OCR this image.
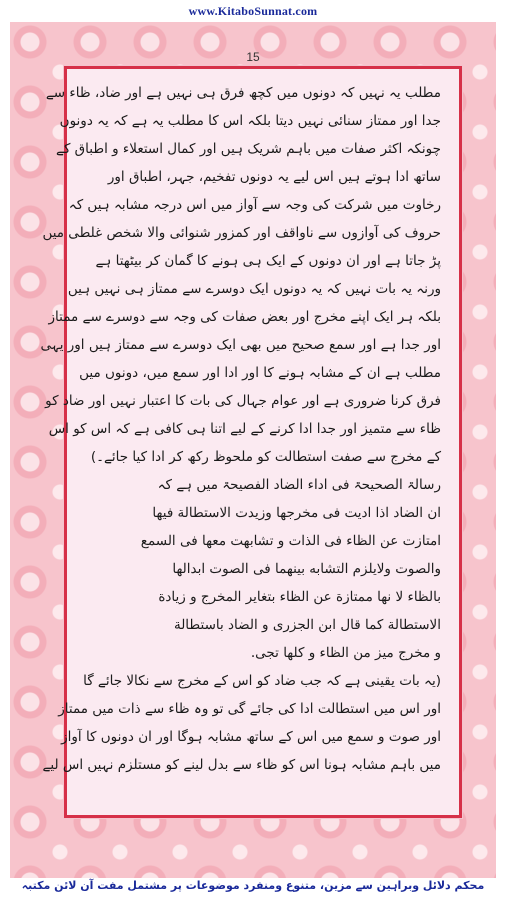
www.KitaboSunnat.com
15
مطلب یہ نہیں کہ دونوں میں کچھ فرق ہی نہیں ہے اور ضاد، ظاء سے
جدا اور ممتاز سنائی نہیں دیتا بلکہ اس کا مطلب یہ ہے کہ یہ دونوں
چونکہ اکثر صفات میں باہم شریک ہیں اور کمال استعلاء و اطباق کے
ساتھ ادا ہوتے ہیں اس لیے یہ دونوں تفخیم، جہر، اطباق اور
رخاوت میں شرکت کی وجہ سے آواز میں اس درجہ مشابہ ہیں کہ
حروف کی آوازوں سے ناواقف اور کمزور شنوائی والا شخص غلطی میں
پڑ جاتا ہے اور ان دونوں کے ایک ہی ہونے کا گمان کر بیٹھتا ہے
ورنہ یہ بات نہیں کہ یہ دونوں ایک دوسرے سے ممتاز ہی نہیں ہیں
بلکہ ہر ایک اپنے مخرج اور بعض صفات کی وجہ سے دوسرے سے ممتاز
اور جدا ہے اور سمع صحیح میں بھی ایک دوسرے سے ممتاز ہیں اور یہی
مطلب ہے ان کے مشابہ ہونے کا اور ادا اور سمع میں، دونوں میں
فرق کرنا ضروری ہے اور عوام جہال کی بات کا اعتبار نہیں اور ضاد کو
ظاء سے متمیز اور جدا ادا کرنے کے لیے اتنا ہی کافی ہے کہ اس کو اس
کے مخرج سے صفت استطالت کو ملحوظ رکھ کر ادا کیا جائے۔)
رسالۃ الصحیحۃ فی اداء الضاد الفصیحۃ میں ہے کہ
ان الضاد اذا اديت فی مخرجها وزيدت الاستطالة فيها
امتازت عن الظاء فی الذات و تشابهت معها فی السمع
والصوت ولايلزم التشابه بينهما فی الصوت ابدالها
بالظاء لا نها ممتازة عن الظاء بتغاير المخرج و زيادة
الاستطالة كما قال ابن الجزری و الضاد باستطالة
و مخرج ميز من الظاء و كلها تجی.
(یہ بات یقینی ہے کہ جب ضاد کو اس کے مخرج سے نکالا جائے گا
اور اس میں استطالت ادا کی جائے گی تو وہ ظاء سے ذات میں ممتاز
اور صوت و سمع میں اس کے ساتھ مشابہ ہوگا اور ان دونوں کا آواز
میں باہم مشابہ ہونا اس کو ظاء سے بدل لینے کو مستلزم نہیں اس لیے
محکم دلائل وبراہین سے مزین، متنوع ومنفرد موضوعات پر مشتمل مفت آن لائن مکتبہ
